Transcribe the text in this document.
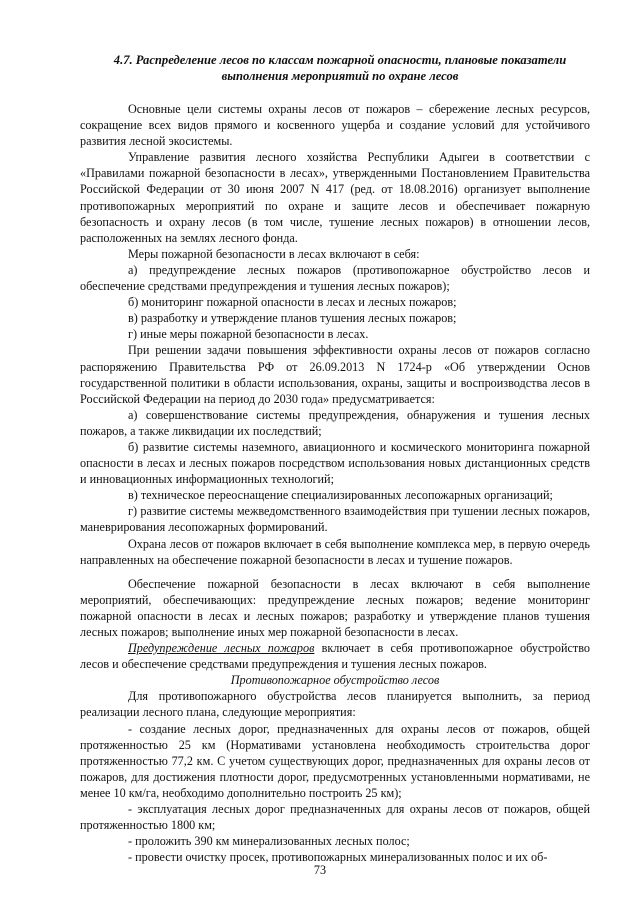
4.7. Распределение лесов по классам пожарной опасности, плановые показатели
выполнения мероприятий по охране лесов

Основные цели системы охраны лесов от пожаров – сбережение лесных ресурсов, сокращение всех видов прямого и косвенного ущерба и создание условий для устойчивого развития лесной экосистемы.

Управление развития лесного хозяйства Республики Адыгеи в соответствии с «Правилами пожарной безопасности в лесах», утвержденными Постановлением Правительства Российской Федерации от 30 июня 2007 N 417 (ред. от 18.08.2016) организует выполнение противопожарных мероприятий по охране и защите лесов и обеспечивает пожарную безопасность и охрану лесов (в том числе, тушение лесных пожаров) в отношении лесов, расположенных на землях лесного фонда.

Меры пожарной безопасности в лесах включают в себя:

а) предупреждение лесных пожаров (противопожарное обустройство лесов и обеспечение средствами предупреждения и тушения лесных пожаров);

б) мониторинг пожарной опасности в лесах и лесных пожаров;

в) разработку и утверждение планов тушения лесных пожаров;

г) иные меры пожарной безопасности в лесах.

При решении задачи повышения эффективности охраны лесов от пожаров согласно распоряжению Правительства РФ от 26.09.2013 N 1724-р «Об утверждении Основ государственной политики в области использования, охраны, защиты и воспроизводства лесов в Российской Федерации на период до 2030 года» предусматривается:

а) совершенствование системы предупреждения, обнаружения и тушения лесных пожаров, а также ликвидации их последствий;

б) развитие системы наземного, авиационного и космического мониторинга пожарной опасности в лесах и лесных пожаров посредством использования новых дистанционных средств и инновационных информационных технологий;

в) техническое переоснащение специализированных лесопожарных организаций;

г) развитие системы межведомственного взаимодействия при тушении лесных пожаров, маневрирования лесопожарных формирований.

Охрана лесов от пожаров включает в себя выполнение комплекса мер, в первую очередь направленных на обеспечение пожарной безопасности в лесах и тушение пожаров.

Обеспечение пожарной безопасности в лесах включают в себя выполнение мероприятий, обеспечивающих: предупреждение лесных пожаров; ведение мониторинг пожарной опасности в лесах и лесных пожаров; разработку и утверждение планов тушения лесных пожаров; выполнение иных мер пожарной безопасности в лесах.

Предупреждение лесных пожаров включает в себя противопожарное обустройство лесов и обеспечение средствами предупреждения и тушения лесных пожаров.

Противопожарное обустройство лесов

Для противопожарного обустройства лесов планируется выполнить, за период реализации лесного плана, следующие мероприятия:

- создание лесных дорог, предназначенных для охраны лесов от пожаров, общей протяженностью 25 км (Нормативами установлена необходимость строительства дорог протяженностью 77,2 км. С учетом существующих дорог, предназначенных для охраны лесов от пожаров, для достижения плотности дорог, предусмотренных установленными нормативами, не менее 10 км/га, необходимо дополнительно построить 25 км);

- эксплуатация лесных дорог предназначенных для охраны лесов от пожаров, общей протяженностью 1800 км;

- проложить 390 км минерализованных лесных полос;

- провести очистку просек, противопожарных минерализованных полос и их об-

73
